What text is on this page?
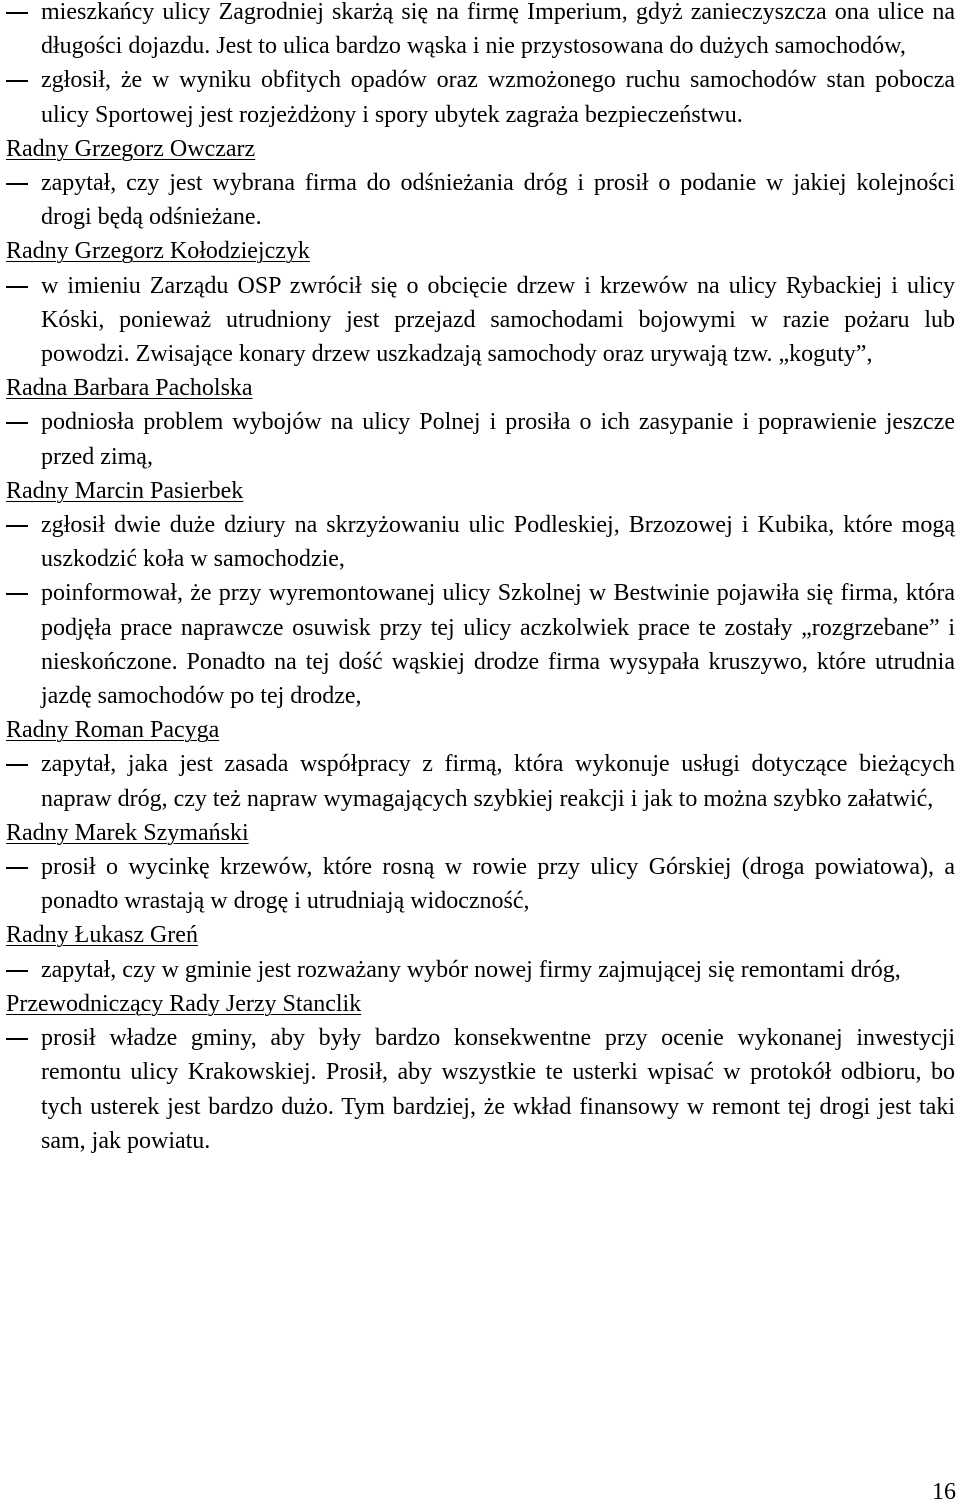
mieszkańcy ulicy Zagrodniej skarżą się na firmę Imperium, gdyż zanieczyszcza ona ulice na długości dojazdu. Jest to ulica bardzo wąska i nie przystosowana do dużych samochodów,
zgłosił, że w wyniku obfitych opadów oraz wzmożonego ruchu samochodów stan pobocza ulicy Sportowej jest rozjeżdżony i spory ubytek zagraża bezpieczeństwu.
Radny Grzegorz Owczarz
zapytał, czy jest wybrana firma do odśnieżania dróg i prosił o podanie w jakiej kolejności drogi będą odśnieżane.
Radny Grzegorz Kołodziejczyk
w imieniu Zarządu OSP zwrócił się o obcięcie drzew i krzewów na ulicy Rybackiej i ulicy Kóski, ponieważ utrudniony jest przejazd samochodami bojowymi w razie pożaru lub powodzi. Zwisające konary drzew uszkadzają samochody oraz urywają tzw. „koguty”,
Radna Barbara Pacholska
podniosła problem wybojów na ulicy Polnej i prosiła o ich zasypanie i poprawienie jeszcze przed zimą,
Radny Marcin Pasierbek
zgłosił dwie duże dziury na skrzyżowaniu ulic Podleskiej, Brzozowej i Kubika, które mogą uszkodzić koła w samochodzie,
poinformował, że przy wyremontowanej ulicy Szkolnej w Bestwinie pojawiła się firma, która podjęła prace naprawcze osuwisk przy tej ulicy aczkolwiek prace te zostały „rozgrzebane” i nieskończone. Ponadto na tej dość wąskiej drodze firma wysypała kruszywo, które utrudnia jazdę samochodów po tej drodze,
Radny Roman Pacyga
zapytał, jaka jest zasada współpracy z firmą, która wykonuje usługi dotyczące bieżących napraw dróg, czy też napraw wymagających szybkiej reakcji i jak to można szybko załatwić,
Radny Marek Szymański
prosił o wycinkę krzewów, które rosną w rowie przy ulicy Górskiej (droga powiatowa), a ponadto wrastają w drogę i utrudniają widoczność,
Radny Łukasz Greń
zapytał, czy w gminie jest rozważany wybór nowej firmy zajmującej się remontami dróg,
Przewodniczący Rady Jerzy Stanclik
prosił władze gminy, aby były bardzo konsekwentne przy ocenie wykonanej inwestycji remontu ulicy Krakowskiej. Prosił, aby wszystkie te usterki wpisać w protokół odbioru, bo tych usterek jest bardzo dużo. Tym bardziej, że wkład finansowy w remont tej drogi jest taki sam, jak powiatu.
16
